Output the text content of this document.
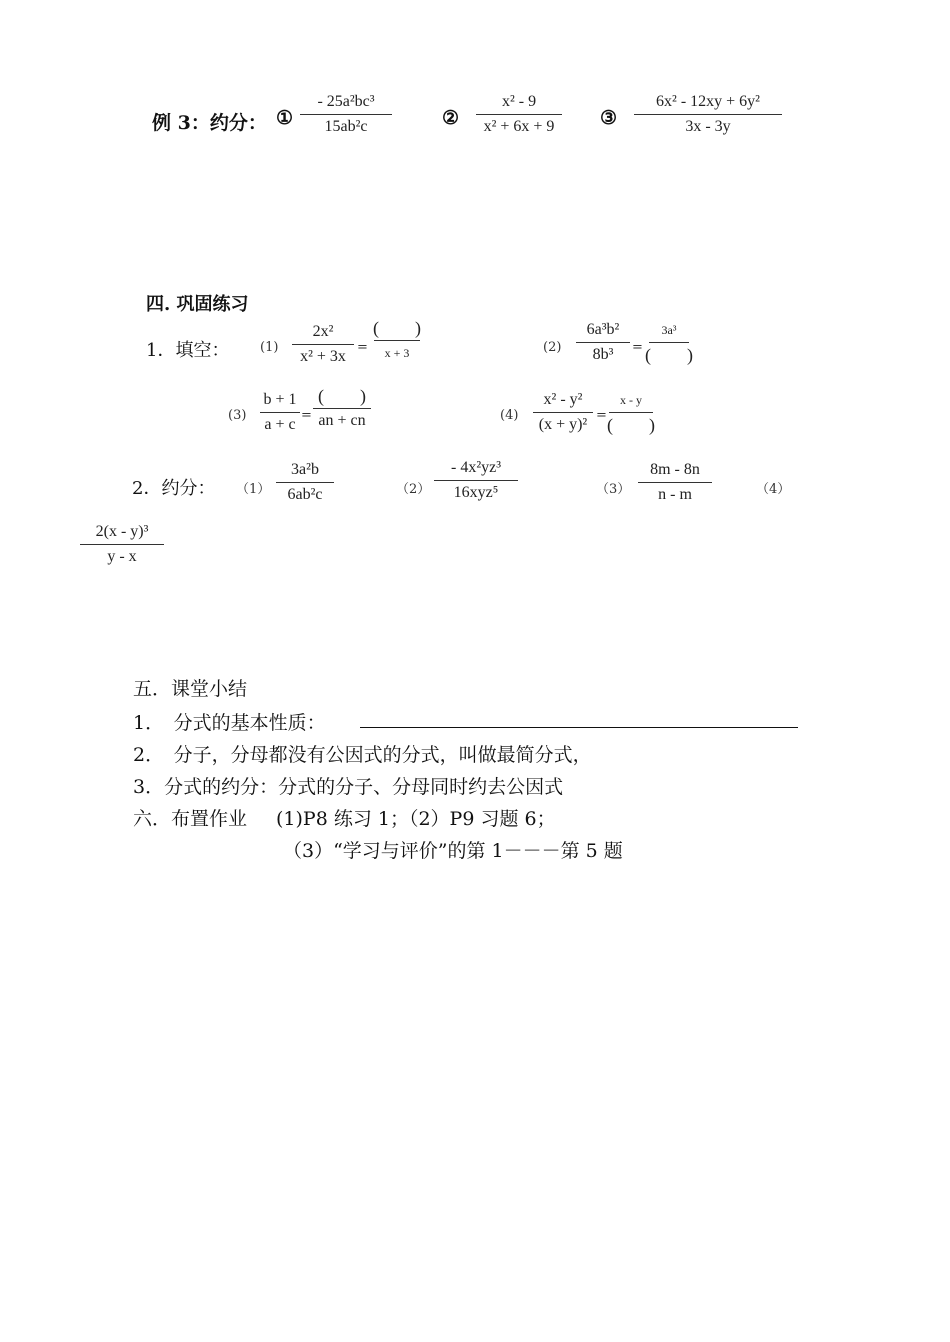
例 3：约分： ①
- 25a²bc³
15ab²c	②
x² - 9
x² + 6x + 9 ③
6x² - 12xy + 6y²
3x - 3y
四. 巩固练习
1．填空： (1)
2x²
x² + 3x
=
(　　)
x + 3	(2)
6a³b²
8b³ =
3a³
(　　)
(3)
b + 1
a + c
=
(　　)
an + cn	(4)
x² - y²
(x + y)²
=
x - y
(　　)
2．约分： （1）
3a²b
6ab²c	（2）
- 4x²yz³
16xyz⁵	（3）
8m - 8n
n - m	（4）
2(x - y)³
y - x
五．课堂小结
1．　分式的基本性质：
2．　分子，分母都没有公因式的分式，叫做最简分式，
3．分式的约分：分式的分子、分母同时约去公因式
六．布置作业 (1)P8 练习 1；（2）P9 习题 6；
（3）“学习与评价”的第 1－－－第 5 题
